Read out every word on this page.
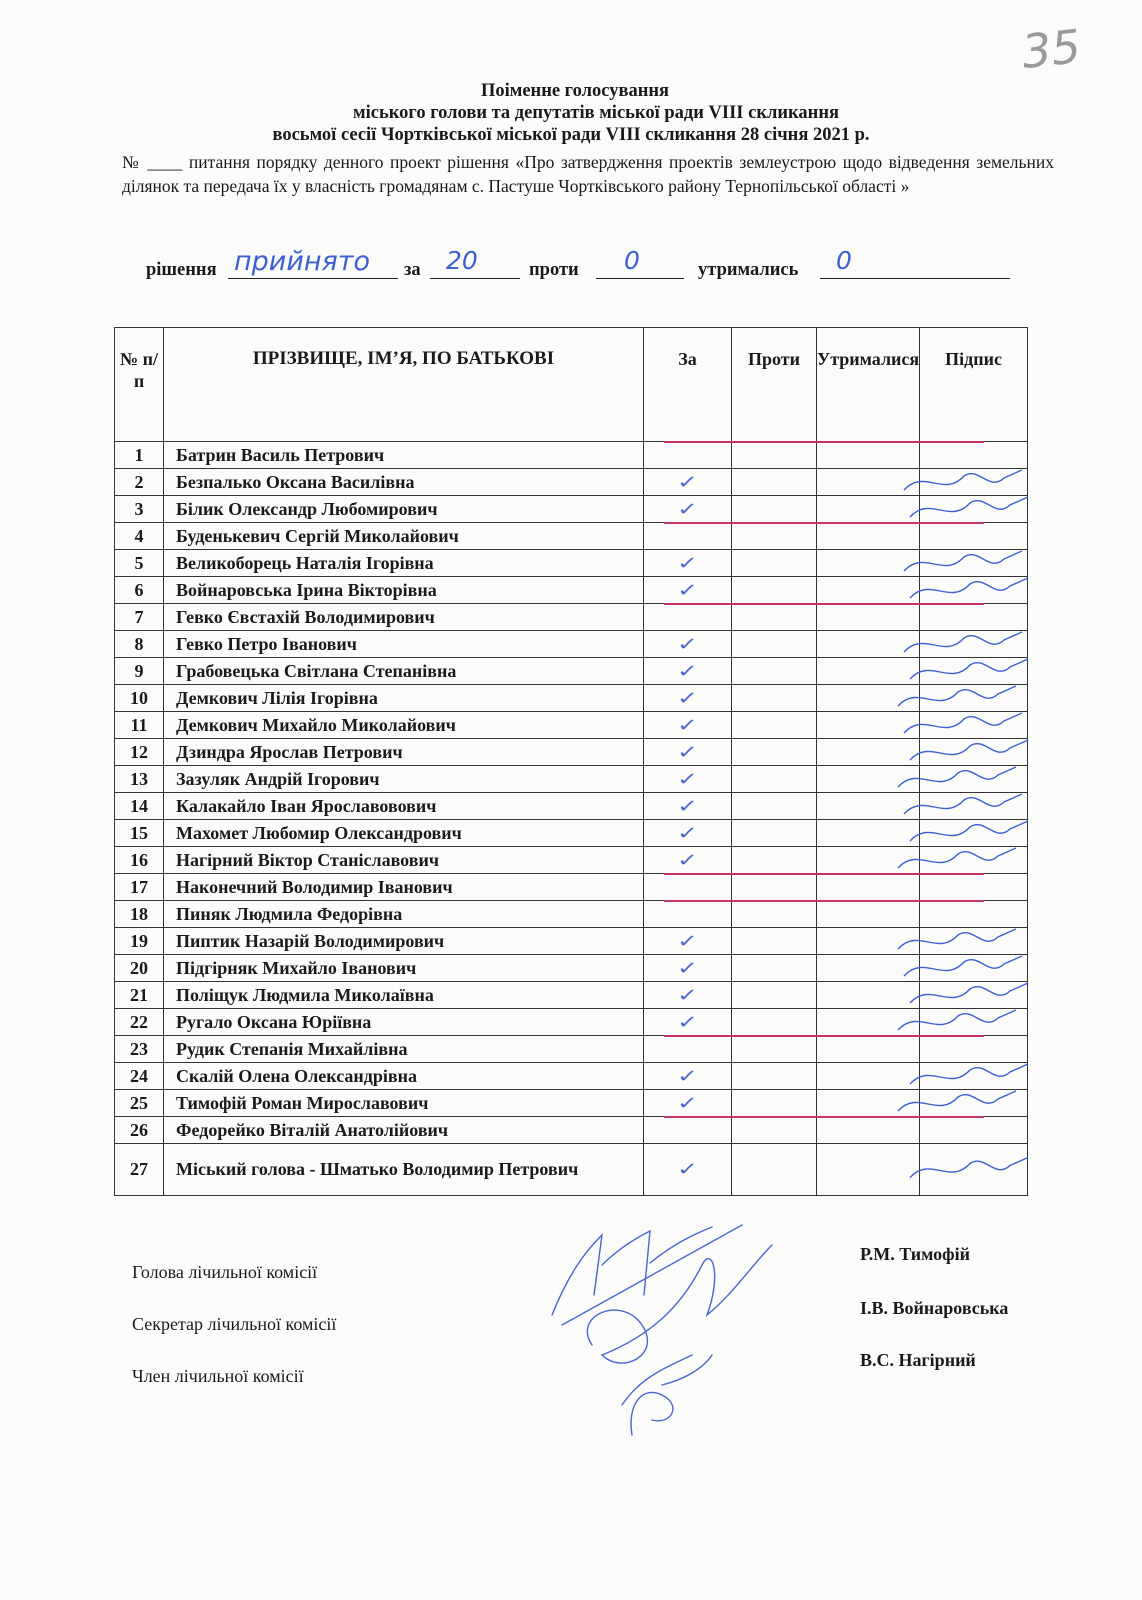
35

Поіменне голосування

міського голови та депутатів міської ради VIII скликання

восьмої сесії Чортківської міської ради VIII скликання 28 січня 2021 р.

№ ____ питання порядку денного проект рішення «Про затвердження проектів землеустрою щодо відведення земельних ділянок та передача їх у власність громадянам с. Пастуше Чортківського району Тернопільської області »
рішення прийнято за 20	проти 0	утримались 0
№ п/п	ПРІЗВИЩЕ, ІМ’Я, ПО БАТЬКОВІ	За	Проти	Утрималися	Підпис
1	Батрин Василь Петрович				
2	Безпалько Оксана Василівна	✓			
3	Білик Олександр Любомирович	✓			
4	Буденькевич Сергій Миколайович				
5	Великоборець Наталія Ігорівна	✓			
6	Войнаровська Ірина Вікторівна	✓			
7	Гевко Євстахій Володимирович				
8	Гевко Петро Іванович	✓			
9	Грабовецька Світлана Степанівна	✓			
10	Демкович Лілія Ігорівна	✓			
11	Демкович Михайло Миколайович	✓			
12	Дзиндра Ярослав Петрович	✓			
13	Зазуляк Андрій Ігорович	✓			
14	Калакайло Іван Ярославовович	✓			
15	Махомет Любомир Олександрович	✓			
16	Нагірний Віктор Станіславович	✓			
17	Наконечний Володимир Іванович				
18	Пиняк Людмила Федорівна				
19	Пиптик Назарій Володимирович	✓			
20	Підгірняк Михайло Іванович	✓			
21	Поліщук Людмила Миколаївна	✓			
22	Ругало Оксана Юріївна	✓			
23	Рудик Степанія Михайлівна				
24	Скалій Олена Олександрівна	✓			
25	Тимофій Роман Мирославович	✓			
26	Федорейко Віталій Анатолійович				
27	Міський голова - Шматько Володимир Петрович	✓			
Голова лічильної комісії
Р.М. Тимофій
Секретар лічильної комісії
І.В. Войнаровська
Член лічильної комісії
В.С. Нагірний
